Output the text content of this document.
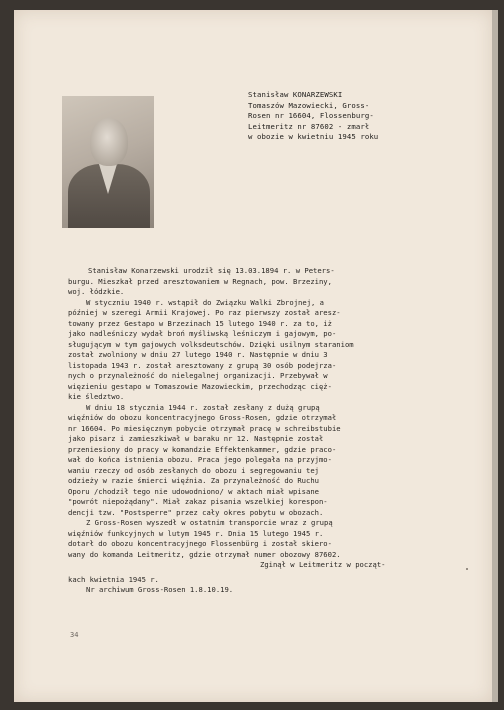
Stanisław KONARZEWSKI
Tomaszów Mazowiecki, Gross-
Rosen nr 16604, Flossenburg-
Leitmeritz nr 87602 - zmarł
w obozie w kwietniu 1945 roku
Stanisław Konarzewski urodził się 13.03.1894 r. w Peters-
burgu. Mieszkał przed aresztowaniem w Regnach, pow. Brzeziny,
woj. łódzkie.
W styczniu 1940 r. wstąpił do Związku Walki Zbrojnej, a
później w szeregi Armii Krajowej. Po raz pierwszy został aresz-
towany przez Gestapo w Brzezinach 15 lutego 1940 r. za to, iż
jako nadleśniczy wydał broń myśliwską leśniczym i gajowym, po-
sługującym w tym gajowych volksdeutschów. Dzięki usilnym staraniom
został zwolniony w dniu 27 lutego 1940 r. Następnie w dniu 3
listopada 1943 r. został aresztowany z grupą 30 osób podejrza-
nych o przynależność do nielegalnej organizacji. Przebywał w
więzieniu gestapo w Tomaszowie Mazowieckim, przechodząc cięż-
kie śledztwo.
W dniu 18 stycznia 1944 r. został zesłany z dużą grupą
więźniów do obozu koncentracyjnego Gross-Rosen, gdzie otrzymał
nr 16604. Po miesięcznym pobycie otrzymał pracę w schreibstubie
jako pisarz i zamieszkiwał w baraku nr 12. Następnie został
przeniesiony do pracy w komandzie Effektenkammer, gdzie praco-
wał do końca istnienia obozu. Praca jego polegała na przyjmo-
waniu rzeczy od osób zesłanych do obozu i segregowaniu tej
odzieży w razie śmierci więźnia. Za przynależność do Ruchu
Oporu /chodził tego nie udowodniono/ w aktach miał wpisane
"powrót niepożądany". Miał zakaz pisania wszelkiej korespon-
dencji tzw. "Postsperre" przez cały okres pobytu w obozach.
Z Gross-Rosen wyszedł w ostatnim transporcie wraz z grupą
więźniów funkcyjnych w lutym 1945 r. Dnia 15 lutego 1945 r.
dotarł do obozu koncentracyjnego Flossenbürg i został skiero-
wany do komanda Leitmeritz, gdzie otrzymał numer obozowy 87602.
Zginął w Leitmeritz w począt-
kach kwietnia 1945 r.
Nr archiwum Gross-Rosen 1.8.10.19.
34
